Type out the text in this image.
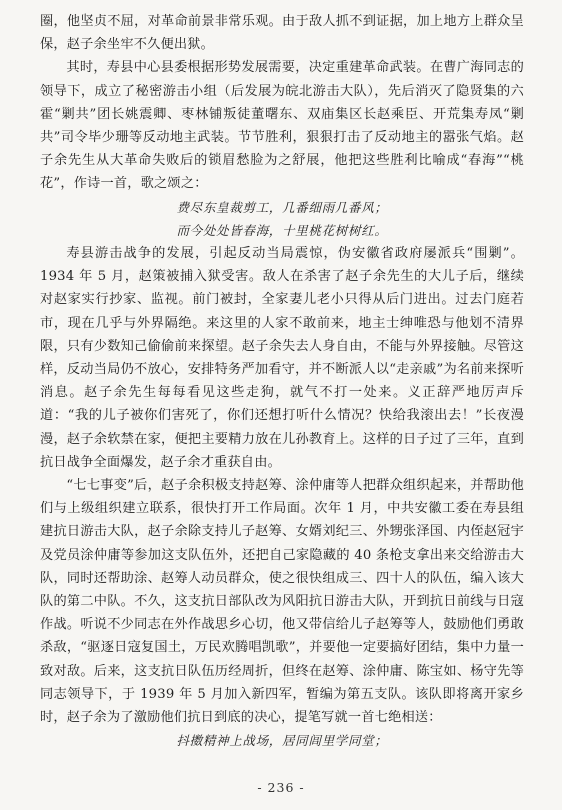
圈，他坚贞不屈，对革命前景非常乐观。由于敌人抓不到证据，加上地方上群众呈保，赵子余坐牢不久便出狱。

其时，寿县中心县委根据形势发展需要，决定重建革命武装。在曹广海同志的领导下，成立了秘密游击小组（后发展为皖北游击大队），先后消灭了隐贤集的六霍“剿共”团长姚震卿、枣林铺叛徒董曙东、双庙集区长赵乘臣、开荒集寿凤“剿共”司令毕少珊等反动地主武装。节节胜利，狠狠打击了反动地主的嚣张气焰。赵子余先生从大革命失败后的锁眉愁脸为之舒展，他把这些胜利比喻成“春海”“桃花”，作诗一首，歌之颂之：

费尽东皇裁剪工，几番细雨几番风；
而今处处皆春海，十里桃花树树红。

寿县游击战争的发展，引起反动当局震惊，伪安徽省政府屡派兵“围剿”。1934 年 5 月，赵策被捕入狱受害。敌人在杀害了赵子余先生的大儿子后，继续对赵家实行抄家、监视。前门被封，全家妻儿老小只得从后门进出。过去门庭若市，现在几乎与外界隔绝。来这里的人家不敢前来，地主士绅唯恐与他划不清界限，只有少数知己偷偷前来探望。赵子余失去人身自由，不能与外界接触。尽管这样，反动当局仍不放心，安排特务严加看守，并不断派人以“走亲戚”为名前来探听消息。赵子余先生每每看见这些走狗，就气不打一处来。义正辞严地厉声斥道：“我的儿子被你们害死了，你们还想打听什么情况？快给我滚出去！”长夜漫漫，赵子余软禁在家，便把主要精力放在儿孙教育上。这样的日子过了三年，直到抗日战争全面爆发，赵子余才重获自由。

“七七事变”后，赵子余积极支持赵筹、涂仲庸等人把群众组织起来，并帮助他们与上级组织建立联系，很快打开工作局面。次年 1 月，中共安徽工委在寿县组建抗日游击大队，赵子余除支持儿子赵筹、女婿刘纪三、外甥张泽国、内侄赵冠宇及党员涂仲庸等参加这支队伍外，还把自己家隐藏的 40 条枪支拿出来交给游击大队，同时还帮助涂、赵筹人动员群众，使之很快组成三、四十人的队伍，编入该大队的第二中队。不久，这支抗日部队改为风阳抗日游击大队，开到抗日前线与日寇作战。听说不少同志在外作战思乡心切，他又带信给儿子赵筹等人，鼓励他们勇敢杀敌，“驱逐日寇复国土，万民欢腾唱凯歌”，并要他一定要搞好团结，集中力量一致对敌。后来，这支抗日队伍历经周折，但终在赵筹、涂仲庸、陈宝如、杨守先等同志领导下，于 1939 年 5 月加入新四军，暂编为第五支队。该队即将离开家乡时，赵子余为了激励他们抗日到底的决心，提笔写就一首七绝相送：

抖擞精神上战场，居同闾里学同堂；
- 236 -
